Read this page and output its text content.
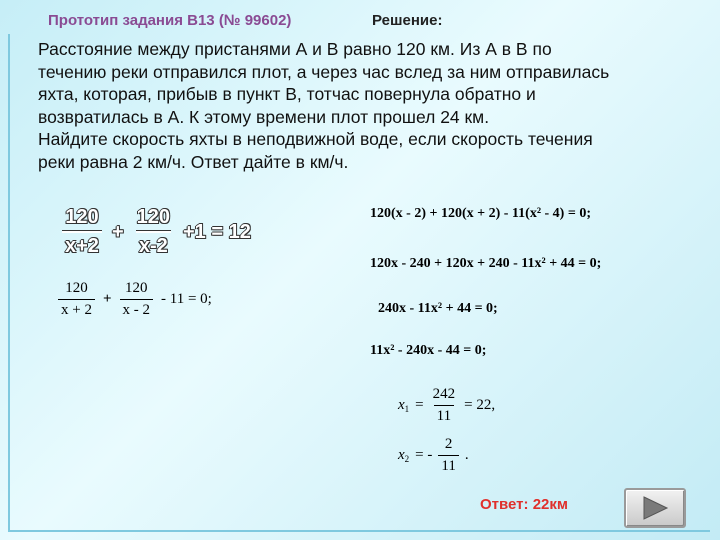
Прототип задания B13 (№ 99602)	Решение:

Расстояние между пристанями А и В равно 120 км. Из А в В по

течению реки отправился плот, а через час вслед за ним отправилась

яхта, которая, прибыв в пункт В, тотчас повернула обратно и

возвратилась в А. К этому времени плот прошел 24 км.

Найдите скорость яхты в неподвижной воде, если скорость течения

реки равна 2 км/ч. Ответ дайте в км/ч.

$\frac{120}{x+2} + \frac{120}{x-2} +1 = 12$
$\frac{120}{x + 2} + \frac{120}{x - 2} - 11 = 0$;
120(x - 2) + 120(x + 2) - 11(x² - 4) = 0;
120x - 240 + 120x + 240 - 11x² + 44 = 0;
240x - 11x² + 44 = 0;
11x² - 240x - 44 = 0;
$x_1 = \frac{242}{11} = 22$,
$x_2$ = - $\frac{2}{11}$ .
Ответ: 22км
